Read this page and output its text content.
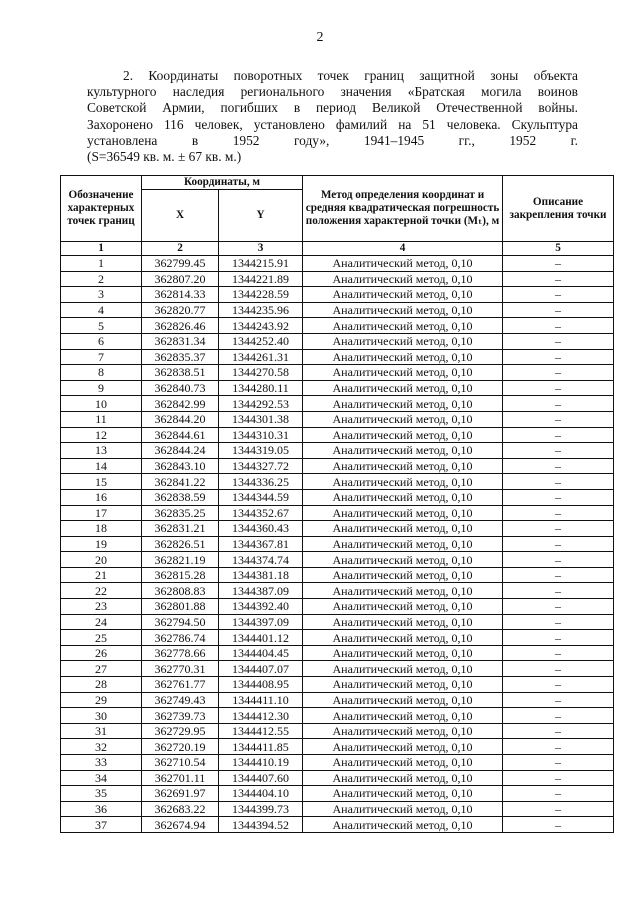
2
2. Координаты поворотных точек границ защитной зоны объекта
культурного наследия регионального значения «Братская могила воинов
Советской Армии, погибших в период Великой Отечественной войны.
Захоронено 116 человек, установлено фамилий на 51 человека. Скульптура
установлена в 1952 году», 1941–1945 гг., 1952 г.
(S=36549 кв. м. ± 67 кв. м.)
Обозначение характерных точек границ	Координаты, м		Метод определения координат и средняя квадратическая погрешность положения характерной точки (Mₜ), м	Описание закрепления точки
	X	Y		
1	2	3	4	5
1	362799.45	1344215.91	Аналитический метод, 0,10	–
2	362807.20	1344221.89	Аналитический метод, 0,10	–
3	362814.33	1344228.59	Аналитический метод, 0,10	–
4	362820.77	1344235.96	Аналитический метод, 0,10	–
5	362826.46	1344243.92	Аналитический метод, 0,10	–
6	362831.34	1344252.40	Аналитический метод, 0,10	–
7	362835.37	1344261.31	Аналитический метод, 0,10	–
8	362838.51	1344270.58	Аналитический метод, 0,10	–
9	362840.73	1344280.11	Аналитический метод, 0,10	–
10	362842.99	1344292.53	Аналитический метод, 0,10	–
11	362844.20	1344301.38	Аналитический метод, 0,10	–
12	362844.61	1344310.31	Аналитический метод, 0,10	–
13	362844.24	1344319.05	Аналитический метод, 0,10	–
14	362843.10	1344327.72	Аналитический метод, 0,10	–
15	362841.22	1344336.25	Аналитический метод, 0,10	–
16	362838.59	1344344.59	Аналитический метод, 0,10	–
17	362835.25	1344352.67	Аналитический метод, 0,10	–
18	362831.21	1344360.43	Аналитический метод, 0,10	–
19	362826.51	1344367.81	Аналитический метод, 0,10	–
20	362821.19	1344374.74	Аналитический метод, 0,10	–
21	362815.28	1344381.18	Аналитический метод, 0,10	–
22	362808.83	1344387.09	Аналитический метод, 0,10	–
23	362801.88	1344392.40	Аналитический метод, 0,10	–
24	362794.50	1344397.09	Аналитический метод, 0,10	–
25	362786.74	1344401.12	Аналитический метод, 0,10	–
26	362778.66	1344404.45	Аналитический метод, 0,10	–
27	362770.31	1344407.07	Аналитический метод, 0,10	–
28	362761.77	1344408.95	Аналитический метод, 0,10	–
29	362749.43	1344411.10	Аналитический метод, 0,10	–
30	362739.73	1344412.30	Аналитический метод, 0,10	–
31	362729.95	1344412.55	Аналитический метод, 0,10	–
32	362720.19	1344411.85	Аналитический метод, 0,10	–
33	362710.54	1344410.19	Аналитический метод, 0,10	–
34	362701.11	1344407.60	Аналитический метод, 0,10	–
35	362691.97	1344404.10	Аналитический метод, 0,10	–
36	362683.22	1344399.73	Аналитический метод, 0,10	–
37	362674.94	1344394.52	Аналитический метод, 0,10	–
